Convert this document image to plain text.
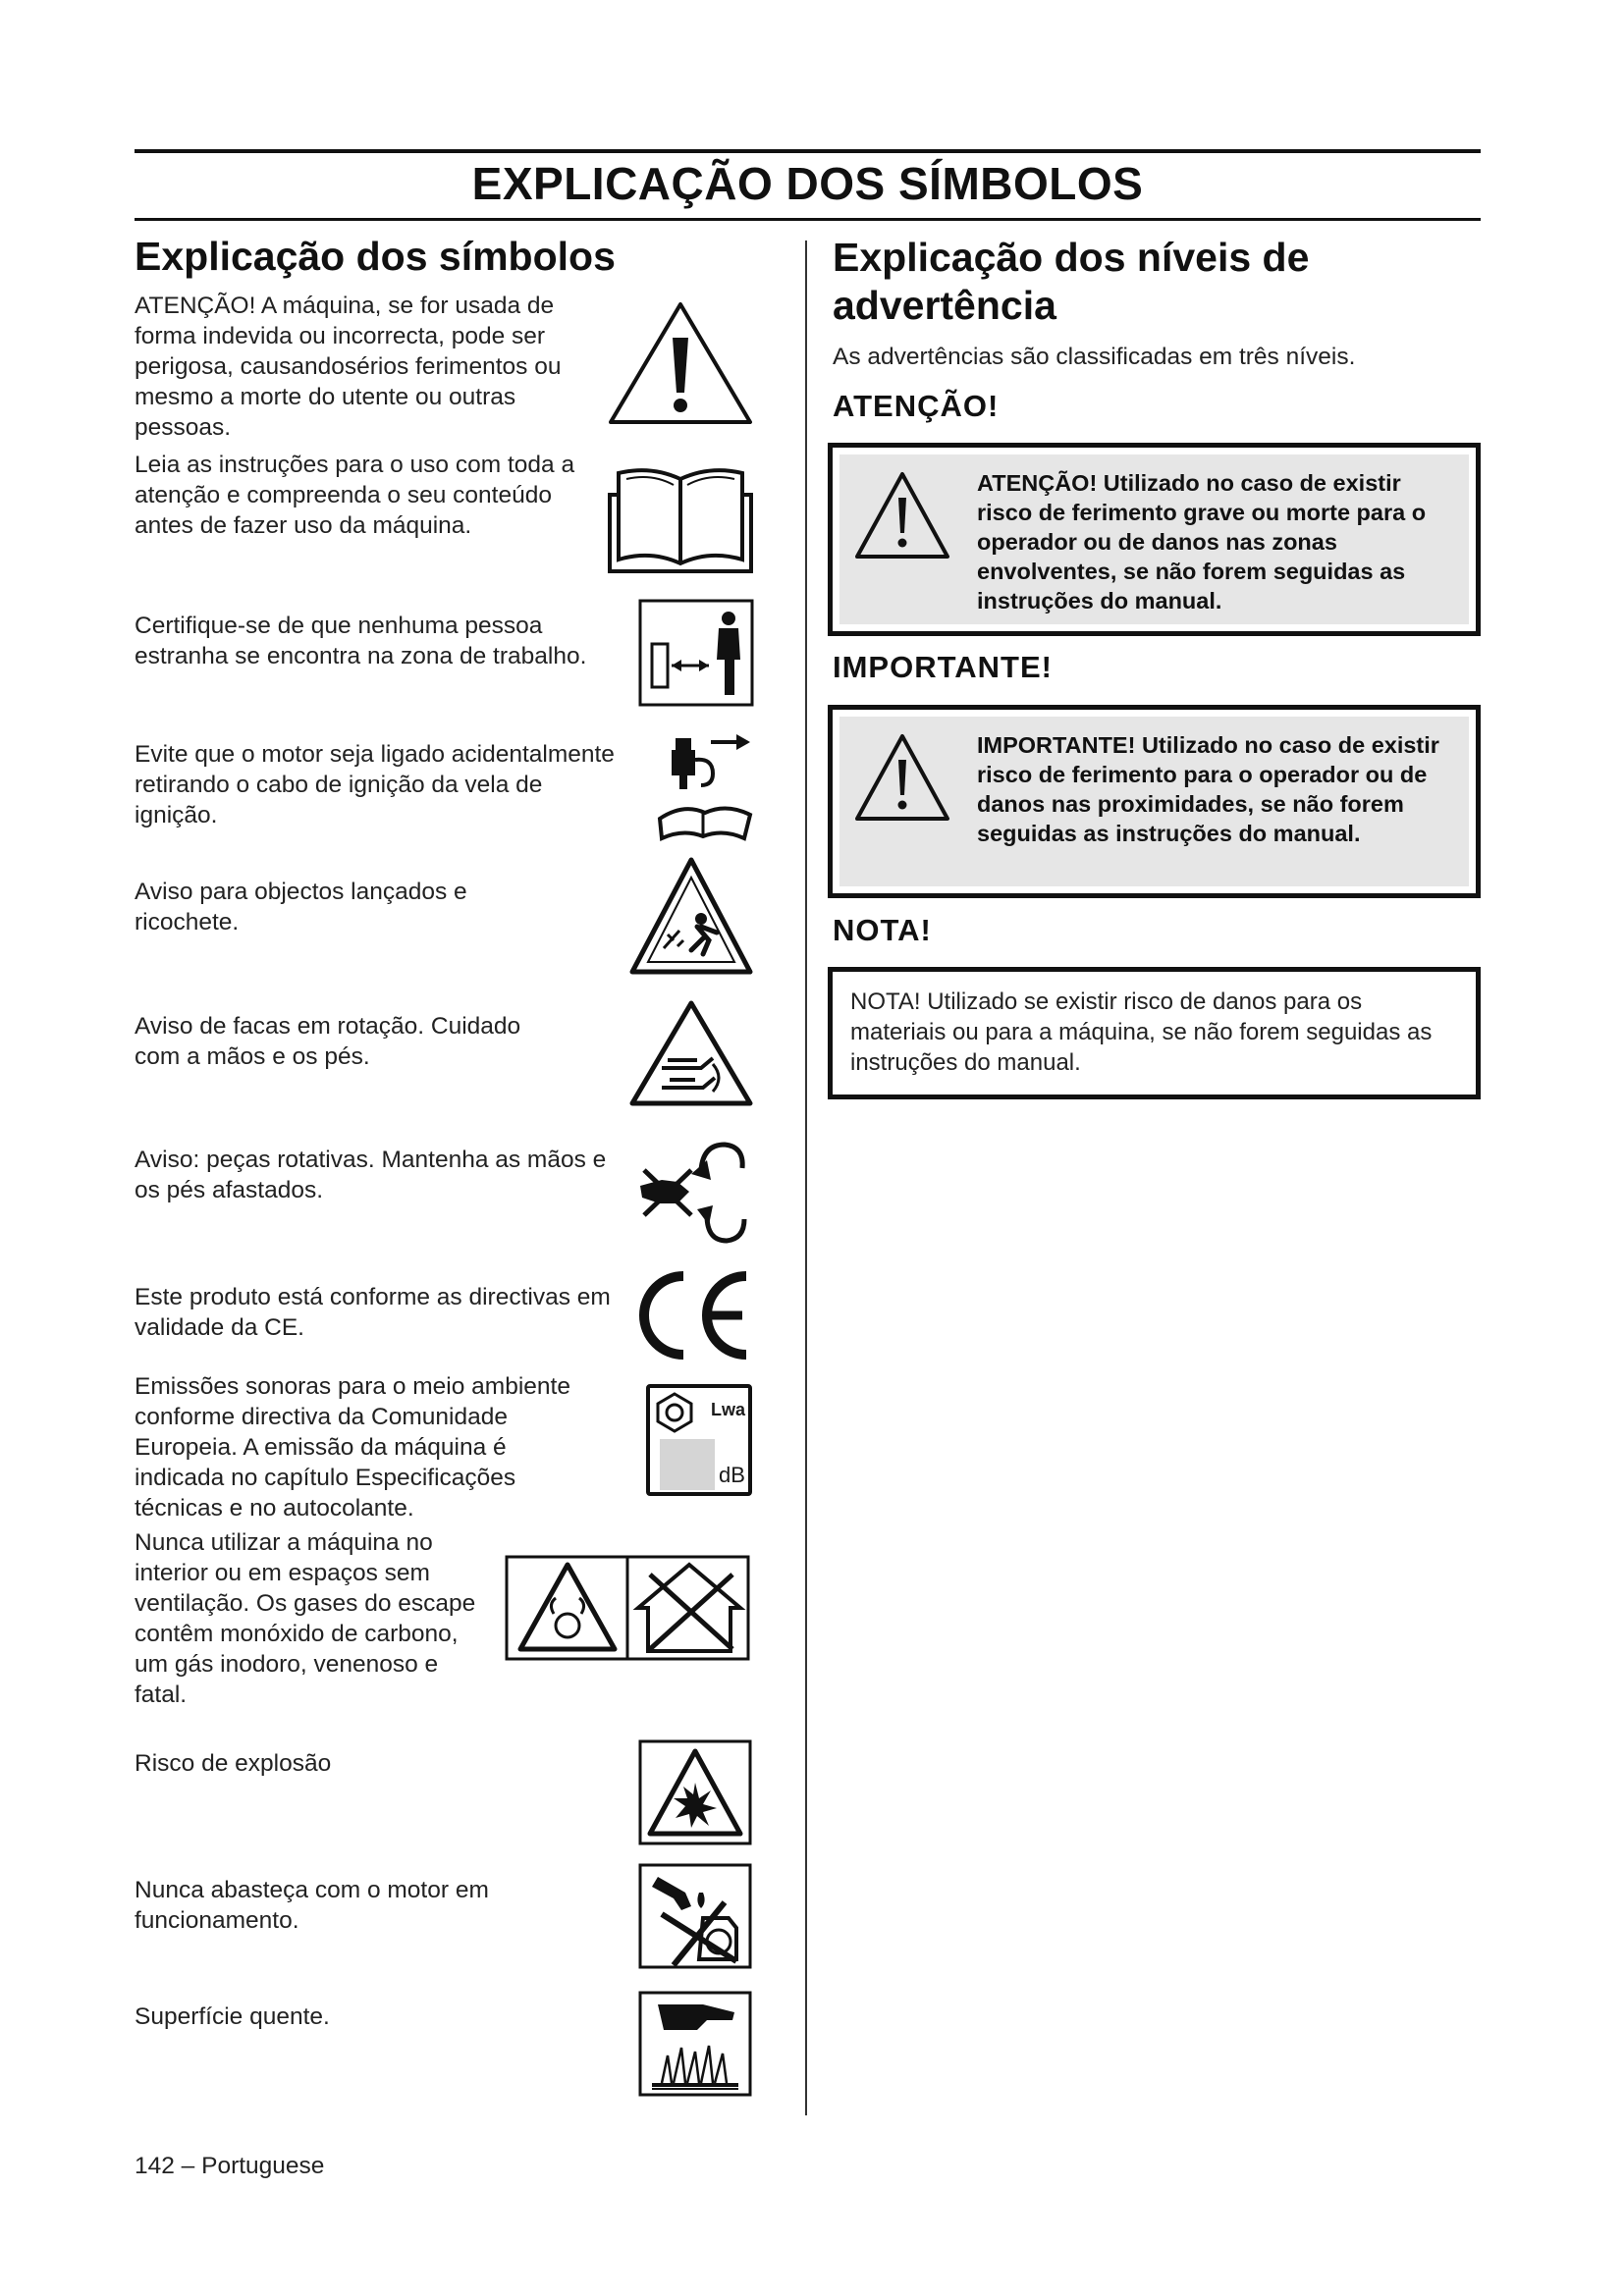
EXPLICAÇÃO DOS SÍMBOLOS
Explicação dos símbolos
ATENÇÃO! A máquina, se for usada de forma indevida ou incorrecta, pode ser perigosa, causandosérios ferimentos ou mesmo a morte do utente ou outras pessoas.
Leia as instruções para o uso com toda a atenção e compreenda o seu conteúdo antes de fazer uso da máquina.
Certifique-se de que nenhuma pessoa estranha se encontra na zona de trabalho.
Evite que o motor seja ligado acidentalmente retirando o cabo de ignição da vela de ignição.
Aviso para objectos lançados e ricochete.
Aviso de facas em rotação. Cuidado com a mãos e os pés.
Aviso: peças rotativas. Mantenha as mãos e os pés afastados.
Este produto está conforme as directivas em validade da CE.
Emissões sonoras para o meio ambiente conforme directiva da Comunidade Europeia. A emissão da máquina é indicada no capítulo Especificações técnicas e no autocolante.
Lwa
dB
Nunca utilizar a máquina no interior ou em espaços sem ventilação. Os gases do escape contêm monóxido de carbono, um gás inodoro, venenoso e fatal.
Risco de explosão
Nunca abasteça com o motor em funcionamento.
Superfície quente.
Explicação dos níveis de advertência
As advertências são classificadas em três níveis.
ATENÇÃO!
ATENÇÃO! Utilizado no caso de existir risco de ferimento grave ou morte para o operador ou de danos nas zonas envolventes, se não forem seguidas as instruções do manual.
IMPORTANTE!
IMPORTANTE! Utilizado no caso de existir risco de ferimento para o operador ou de danos nas proximidades, se não forem seguidas as instruções do manual.
NOTA!
NOTA! Utilizado se existir risco de danos para os materiais ou para a máquina, se não forem seguidas as instruções do manual.
142 – Portuguese
